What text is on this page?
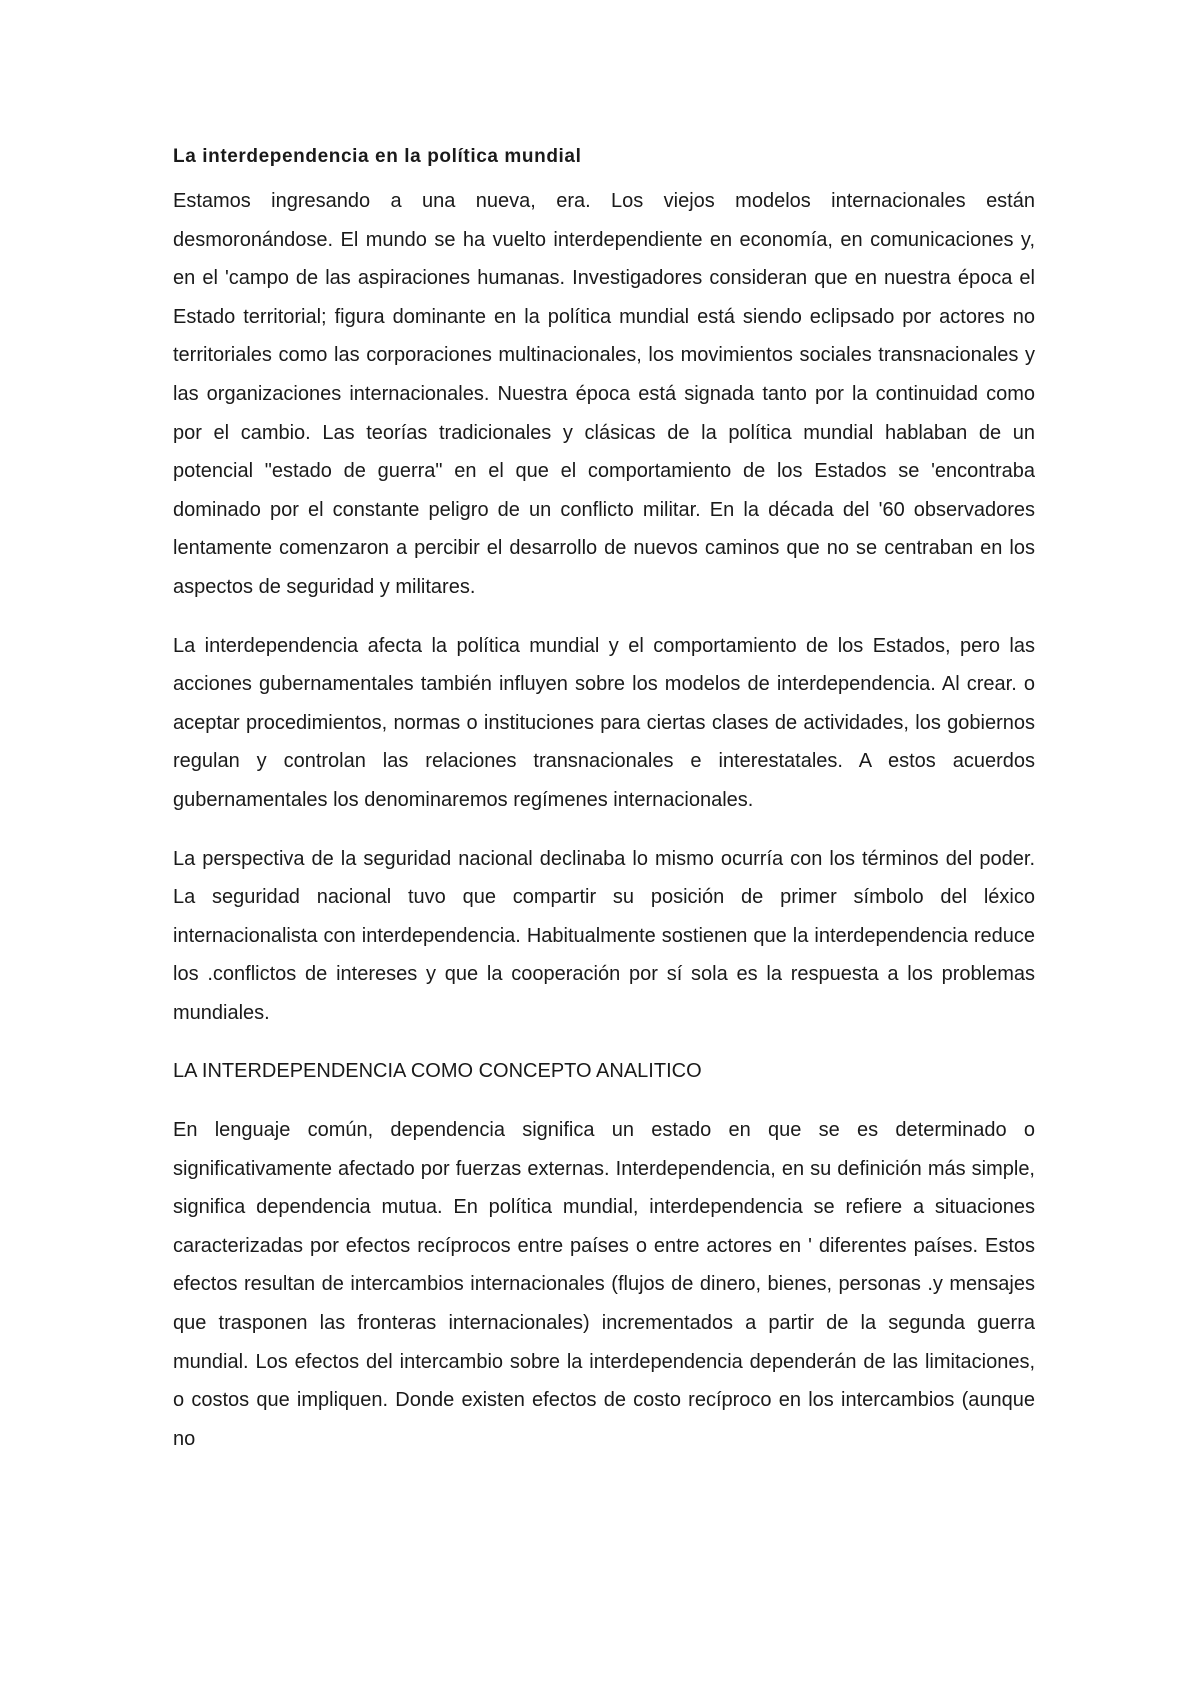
La interdependencia en la política mundial

Estamos ingresando a una nueva, era. Los viejos modelos internacionales están desmoronándose. El mundo se ha vuelto interdependiente en economía, en comunicaciones y, en el 'campo de las aspiraciones humanas. Investigadores consideran que en nuestra época el Estado territorial; figura dominante en la política mundial está siendo eclipsado por actores no territoriales como las corporaciones multinacionales, los movimientos sociales transnacionales y las organizaciones internacionales. Nuestra época está signada tanto por la continuidad como por el cambio. Las teorías tradicionales y clásicas de la política mundial hablaban de un potencial "estado de guerra" en el que el comportamiento de los Estados se 'encontraba dominado por el constante peligro de un conflicto militar. En la década del '60 observadores lentamente comenzaron a percibir el desarrollo de nuevos caminos que no se centraban en los aspectos de seguridad y militares.

La interdependencia afecta la política mundial y el comportamiento de los Estados, pero las acciones gubernamentales también influyen sobre los modelos de interdependencia. Al crear. o aceptar procedimientos, normas o instituciones para ciertas clases de actividades, los gobiernos regulan y controlan las relaciones transnacionales e interestatales. A estos acuerdos gubernamentales los denominaremos regímenes internacionales.

La perspectiva de la seguridad nacional declinaba lo mismo ocurría con los términos del poder. La seguridad nacional tuvo que compartir su posición de primer símbolo del léxico internacionalista con interdependencia. Habitualmente sostienen que la interdependencia reduce los .conflictos de intereses y que la cooperación por sí sola es la respuesta a los problemas mundiales.

LA INTERDEPENDENCIA COMO CONCEPTO ANALITICO

En lenguaje común, dependencia significa un estado en que se es determinado o significativamente afectado por fuerzas externas. Interdependencia, en su definición más simple, significa dependencia mutua. En política mundial, interdependencia se refiere a situaciones caracterizadas por efectos recíprocos entre países o entre actores en ' diferentes países. Estos efectos resultan de intercambios internacionales (flujos de dinero, bienes, personas .y mensajes que trasponen las fronteras internacionales) incrementados a partir de la segunda guerra mundial. Los efectos del intercambio sobre la interdependencia dependerán de las limitaciones, o costos que impliquen. Donde existen efectos de costo recíproco en los intercambios (aunque no
